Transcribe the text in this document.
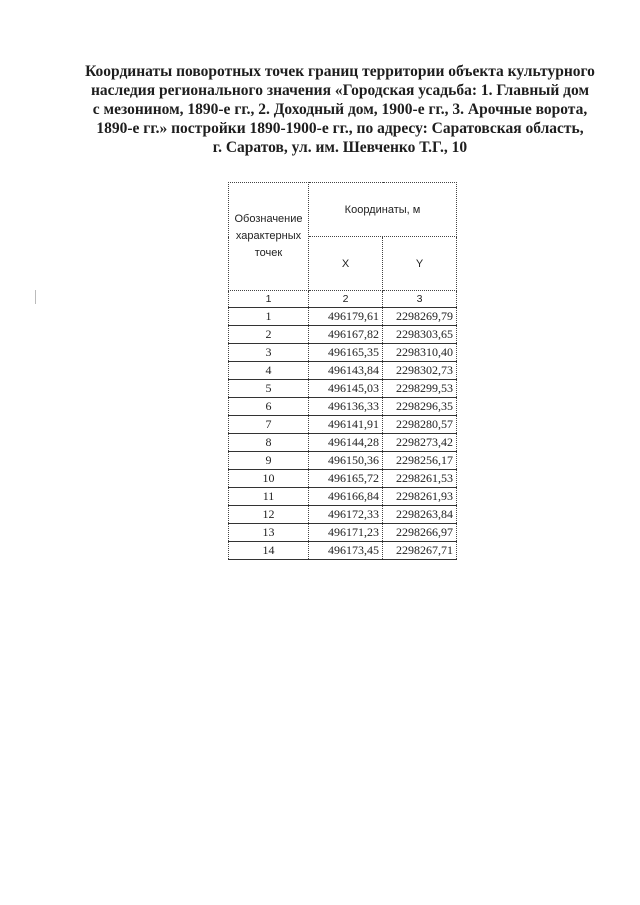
Координаты поворотных точек границ территории объекта культурного
наследия регионального значения «Городская усадьба: 1. Главный дом
с мезонином, 1890-е гг., 2. Доходный дом, 1900-е гг., 3. Арочные ворота,
1890-е гг.» постройки 1890-1900-е гг., по адресу: Саратовская область,
г. Саратов, ул. им. Шевченко Т.Г., 10
Обозначение характерных точек	Координаты, м	
	X	Y
1	2	3
1	496179,61	2298269,79
2	496167,82	2298303,65
3	496165,35	2298310,40
4	496143,84	2298302,73
5	496145,03	2298299,53
6	496136,33	2298296,35
7	496141,91	2298280,57
8	496144,28	2298273,42
9	496150,36	2298256,17
10	496165,72	2298261,53
11	496166,84	2298261,93
12	496172,33	2298263,84
13	496171,23	2298266,97
14	496173,45	2298267,71
